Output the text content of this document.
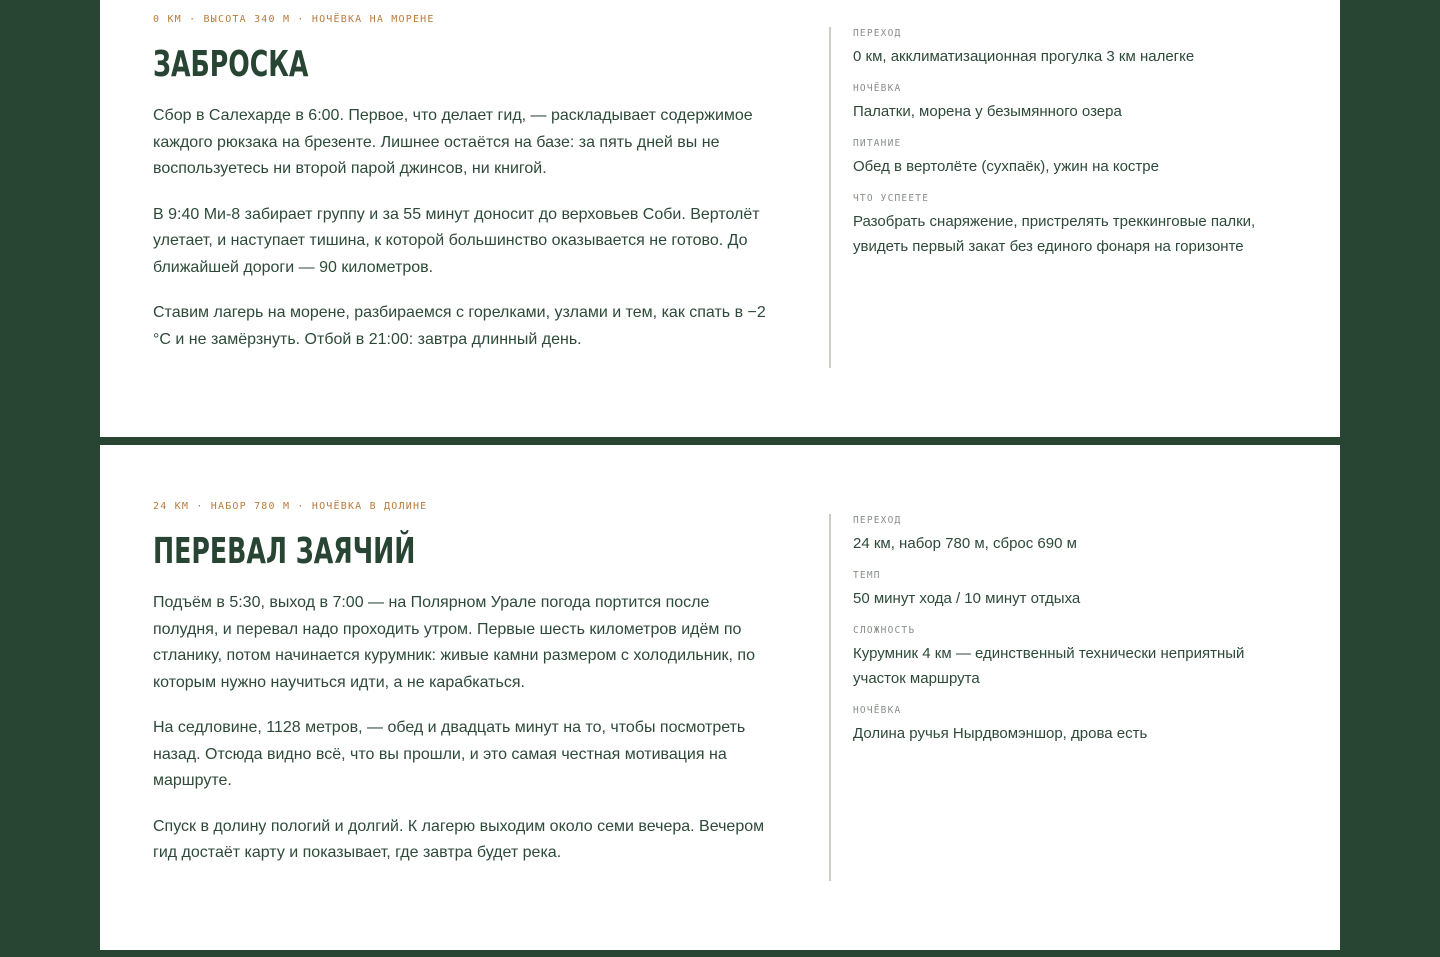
0 КМ · ВЫСОТА 340 М · НОЧЁВКА НА МОРЕНЕ
ЗАБРОСКА

Сбор в Салехарде в 6:00. Первое, что делает гид, — раскладывает содержимое каждого рюкзака на брезенте. Лишнее остаётся на базе: за пять дней вы не воспользуетесь ни второй парой джинсов, ни книгой.

В 9:40 Ми-8 забирает группу и за 55 минут доносит до верховьев Соби. Вертолёт улетает, и наступает тишина, к которой большинство оказывается не готово. До ближайшей дороги — 90 километров.

Ставим лагерь на морене, разбираемся с горелками, узлами и тем, как спать в −2 °C и не замёрзнуть. Отбой в 21:00: завтра длинный день.

ПЕРЕХОД
0 км, акклиматизационная прогулка 3 км налегке
НОЧЁВКА
Палатки, морена у безымянного озера
ПИТАНИЕ
Обед в вертолёте (сухпаёк), ужин на костре
ЧТО УСПЕЕТЕ
Разобрать снаряжение, пристрелять треккинговые палки, увидеть первый закат без единого фонаря на горизонте
24 КМ · НАБОР 780 М · НОЧЁВКА В ДОЛИНЕ
ПЕРЕВАЛ ЗАЯЧИЙ

Подъём в 5:30, выход в 7:00 — на Полярном Урале погода портится после полудня, и перевал надо проходить утром. Первые шесть километров идём по стланику, потом начинается курумник: живые камни размером с холодильник, по которым нужно научиться идти, а не карабкаться.

На седловине, 1128 метров, — обед и двадцать минут на то, чтобы посмотреть назад. Отсюда видно всё, что вы прошли, и это самая честная мотивация на маршруте.

Спуск в долину пологий и долгий. К лагерю выходим около семи вечера. Вечером гид достаёт карту и показывает, где завтра будет река.

ПЕРЕХОД
24 км, набор 780 м, сброс 690 м
ТЕМП
50 минут хода / 10 минут отдыха
СЛОЖНОСТЬ
Курумник 4 км — единственный технически неприятный участок маршрута
НОЧЁВКА
Долина ручья Ныpдвомэншор, дрова есть
